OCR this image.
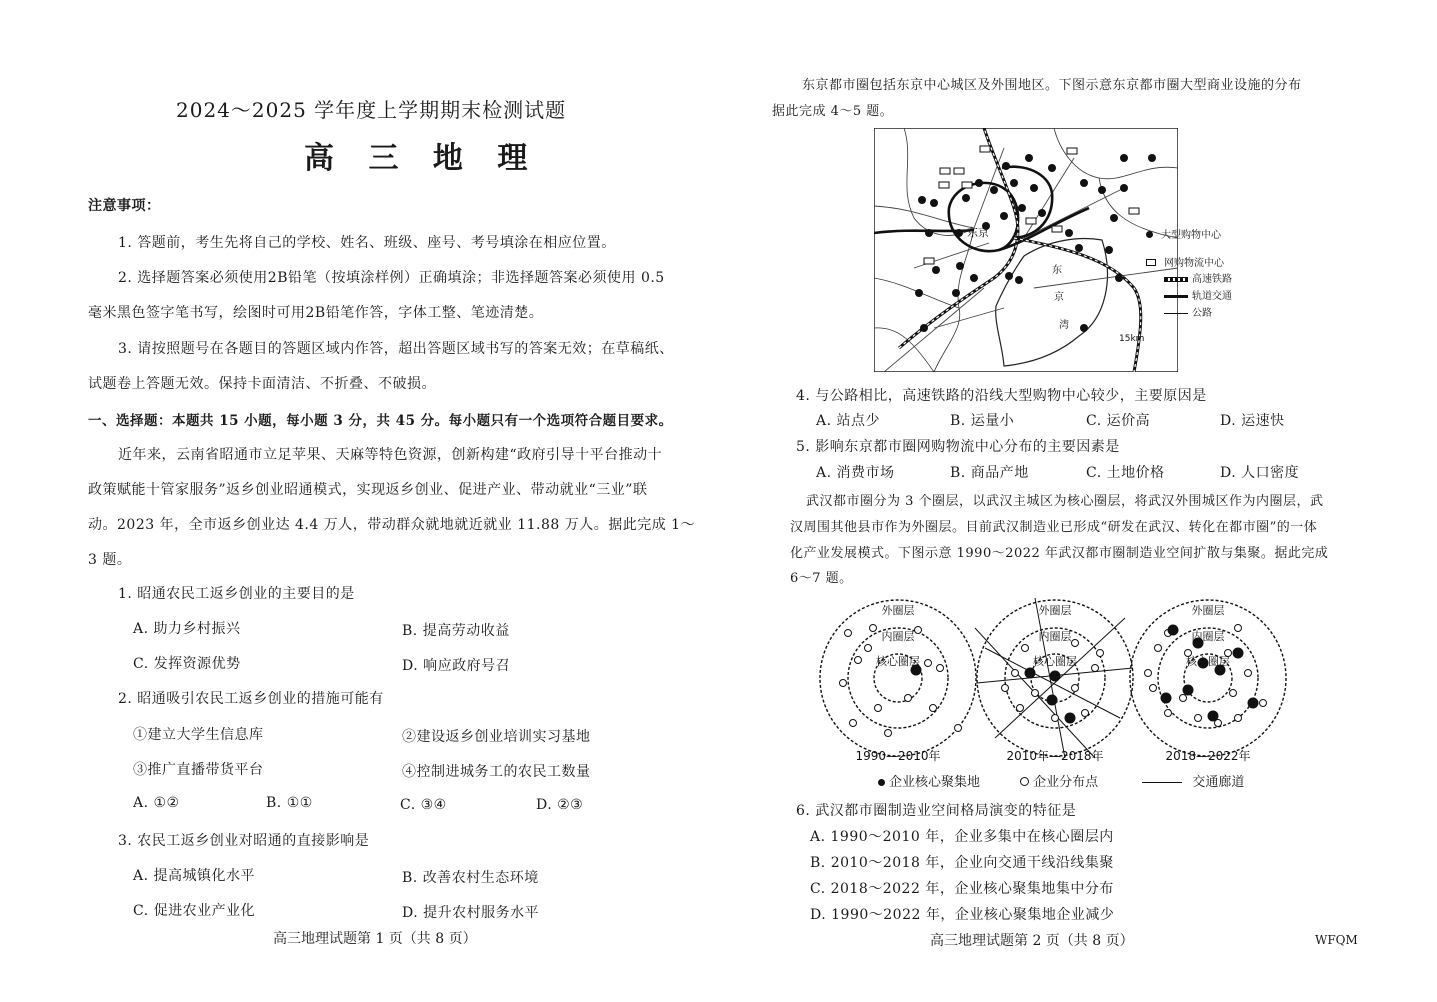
2024～2025 学年度上学期期末检测试题
高 三 地 理
注意事项：
1. 答题前，考生先将自己的学校、姓名、班级、座号、考号填涂在相应位置。
2. 选择题答案必须使用2B铅笔（按填涂样例）正确填涂；非选择题答案必须使用 0.5
毫米黑色签字笔书写，绘图时可用2B铅笔作答，字体工整、笔迹清楚。
3. 请按照题号在各题目的答题区域内作答，超出答题区域书写的答案无效；在草稿纸、
试题卷上答题无效。保持卡面清洁、不折叠、不破损。
一、选择题：本题共 15 小题，每小题 3 分，共 45 分。每小题只有一个选项符合题目要求。
近年来，云南省昭通市立足苹果、天麻等特色资源，创新构建“政府引导十平台推动十
政策赋能十管家服务”返乡创业昭通模式，实现返乡创业、促进产业、带动就业“三业”联
动。2023 年，全市返乡创业达 4.4 万人，带动群众就地就近就业 11.88 万人。据此完成 1～
3 题。
1. 昭通农民工返乡创业的主要目的是
A. 助力乡村振兴	B. 提高劳动收益
C. 发挥资源优势	D. 响应政府号召
2. 昭通吸引农民工返乡创业的措施可能有
①建立大学生信息库	②建设返乡创业培训实习基地
③推广直播带货平台	④控制进城务工的农民工数量
A. ①②	B. ①①	C. ③④	D. ②③
3. 农民工返乡创业对昭通的直接影响是
A. 提高城镇化水平	B. 改善农村生态环境
C. 促进农业产业化	D. 提升农村服务水平
高三地理试题第 1 页（共 8 页）
东京都市圈包括东京中心城区及外围地区。下图示意东京都市圈大型商业设施的分布
据此完成 4～5 题。
东京
东
京
湾
15km
大型购物中心
网购物流中心
高速铁路
轨道交通
公路
4. 与公路相比，高速铁路的沿线大型购物中心较少，主要原因是
A. 站点少	B. 运量小	C. 运价高	D. 运速快
5. 影响东京都市圈网购物流中心分布的主要因素是
A. 消费市场	B. 商品产地	C. 土地价格	D. 人口密度
武汉都市圈分为 3 个圈层，以武汉主城区为核心圈层，将武汉外围城区作为内圈层，武
汉周围其他县市作为外圈层。目前武汉制造业已形成“研发在武汉、转化在都市圈”的一体
化产业发展模式。下图示意 1990～2022 年武汉都市圈制造业空间扩散与集聚。据此完成
6～7 题。
外圈层
内圈层
核心圈层
1990—2010年
外圈层
内圈层
核心圈层
2010年—2018年
外圈层
内圈层
核心圈层
2018—2022年
企业核心聚集地	企业分布点	交通廊道
6. 武汉都市圈制造业空间格局演变的特征是
A. 1990～2010 年，企业多集中在核心圈层内
B. 2010～2018 年，企业向交通干线沿线集聚
C. 2018～2022 年，企业核心聚集地集中分布
D. 1990～2022 年，企业核心聚集地企业减少
高三地理试题第 2 页（共 8 页）	WFQM
